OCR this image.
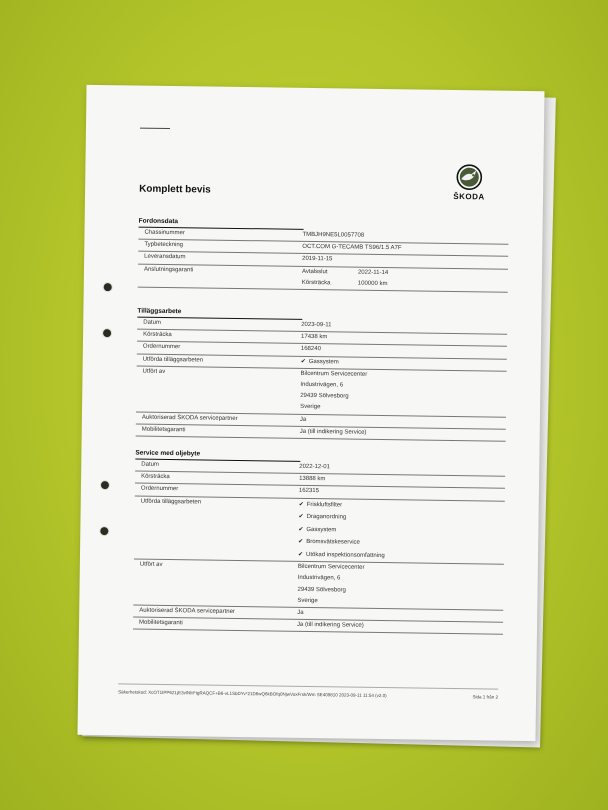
Komplett bevis
ŠKODA
Fordonsdata
Chassinummer	TMBJH9NE5L0057708
Typbeteckning	OCT.COM G-TECAMB TS96/1.5 A7F
Leveransdatum	2019-11-15
Anslutningsgaranti	Avtalsslut	2022-11-14
Körsträcka	100000 km
Tilläggsarbete
Datum	2023-09-11
Körsträcka	17438 km
Ordernummer	168240
Utförda tilläggsarbeten	✔ Gassystem
Utfört av	Bilcentrum Servicecenter
Industrivägen, 6
29439 Sölvesborg
Sverige
Auktoriserad ŠKODA servicepartner	Ja
Mobilitetsgaranti	Ja (till indikering Service)
Service med oljebyte
Datum	2022-12-01
Körsträcka	13888 km
Ordernummer	162315
Utförda tilläggsarbeten	✔ Friskluftsfilter
✔ Draganordning
✔ Gassystem
✔ Bromsvätskeservice
✔ Utökad inspektionsomfattning
Utfört av	Bilcentrum Servicecenter
Industrivägen, 6
29439 Sölvesborg
Sverige
Auktoriserad ŠKODA servicepartner	Ja
Mobilitetsgaranti	Ja (till indikering Service)
Säkerhetskod: XcOT1IPP6ZLjE3vlNM*tgRAQCF+B6-vL1SbDYv*21D6wQ6kBOfq0NjwVoxFrsk/Wm SE409810 2023-09-11 11:54 (v2.0)	Sida 1 från 2
